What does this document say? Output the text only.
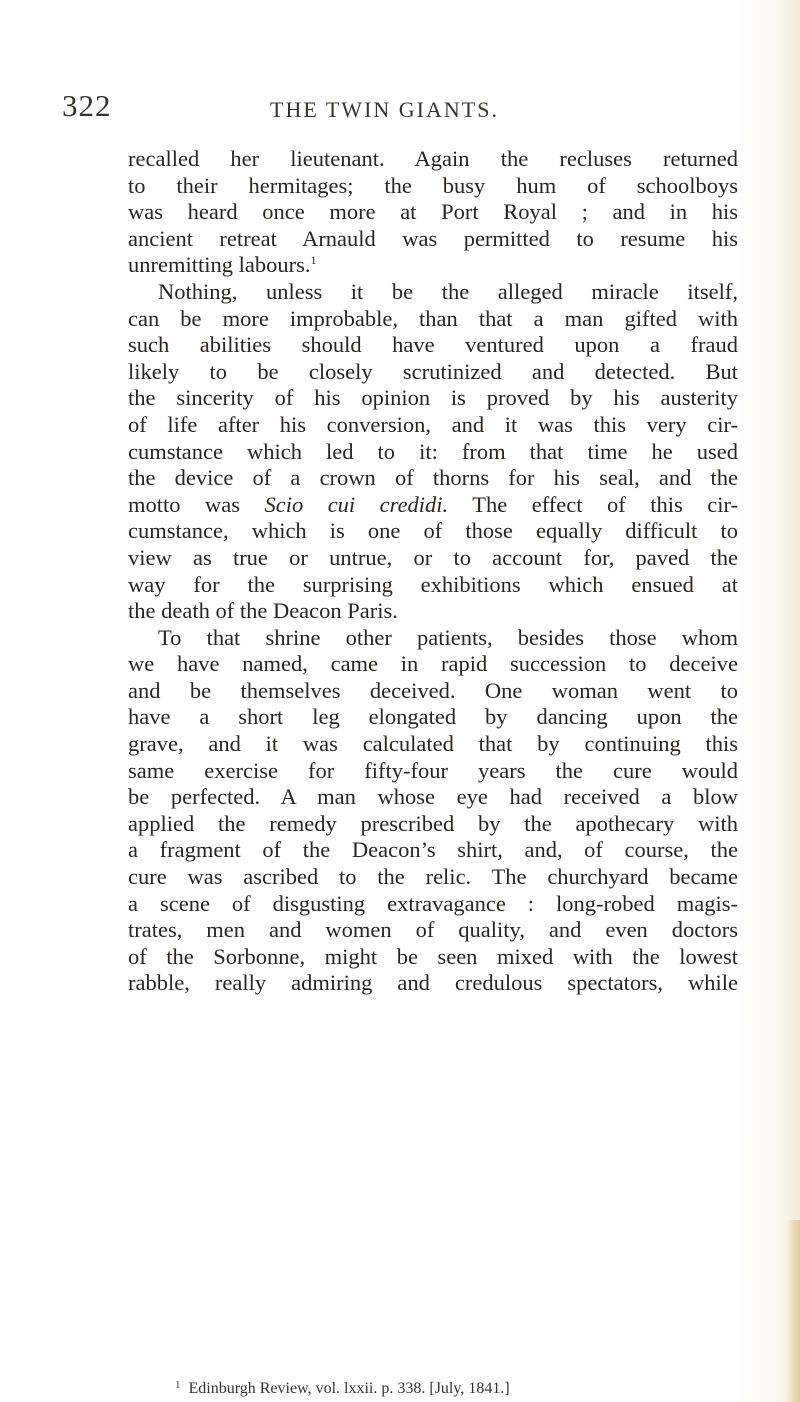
322	THE TWIN GIANTS.
recalled her lieutenant. Again the recluses returned
to their hermitages; the busy hum of schoolboys
was heard once more at Port Royal ; and in his
ancient retreat Arnauld was permitted to resume his
unremitting labours.$^1$
Nothing, unless it be the alleged miracle itself,
can be more improbable, than that a man gifted with
such abilities should have ventured upon a fraud
likely to be closely scrutinized and detected. But
the sincerity of his opinion is proved by his austerity
of life after his conversion, and it was this very cir-
cumstance which led to it: from that time he used
the device of a crown of thorns for his seal, and the
motto was Scio cui credidi. The effect of this cir-
cumstance, which is one of those equally difficult to
view as true or untrue, or to account for, paved the
way for the surprising exhibitions which ensued at
the death of the Deacon Paris.
To that shrine other patients, besides those whom
we have named, came in rapid succession to deceive
and be themselves deceived. One woman went to
have a short leg elongated by dancing upon the
grave, and it was calculated that by continuing this
same exercise for fifty-four years the cure would
be perfected. A man whose eye had received a blow
applied the remedy prescribed by the apothecary with
a fragment of the Deacon’s shirt, and, of course, the
cure was ascribed to the relic. The churchyard became
a scene of disgusting extravagance : long-robed magis-
trates, men and women of quality, and even doctors
of the Sorbonne, might be seen mixed with the lowest
rabble, really admiring and credulous spectators, while
$^1$ Edinburgh Review, vol. lxxii. p. 338. [July, 1841.]
